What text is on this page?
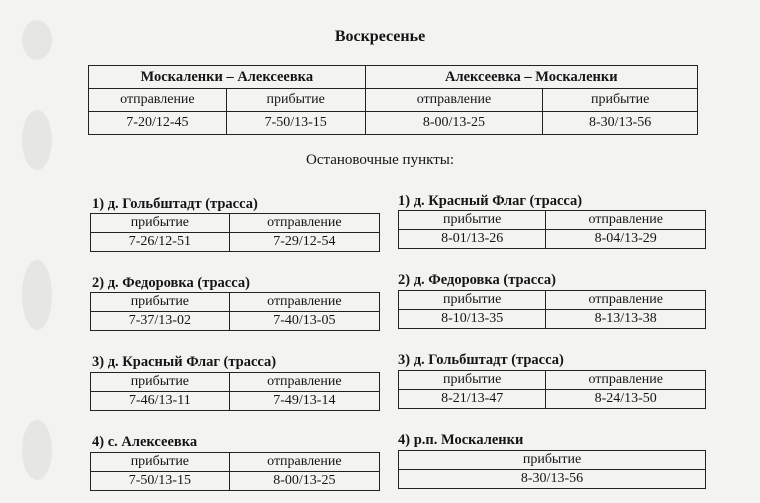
Воскресенье
Москаленки – Алексеевка		Алексеевка – Москаленки	
отправление	прибытие	отправление	прибытие
7-20/12-45	7-50/13-15	8-00/13-25	8-30/13-56
Остановочные пункты:
1) д. Гольбштадт (трасса)
прибытие	отправление
7-26/12-51	7-29/12-54
2) д. Федоровка (трасса)
прибытие	отправление
7-37/13-02	7-40/13-05
3) д. Красный Флаг (трасса)
прибытие	отправление
7-46/13-11	7-49/13-14
4) с. Алексеевка
прибытие	отправление
7-50/13-15	8-00/13-25
1) д. Красный Флаг (трасса)
прибытие	отправление
8-01/13-26	8-04/13-29
2) д. Федоровка (трасса)
прибытие	отправление
8-10/13-35	8-13/13-38
3) д. Гольбштадт (трасса)
прибытие	отправление
8-21/13-47	8-24/13-50
4) р.п. Москаленки
прибытие
8-30/13-56
